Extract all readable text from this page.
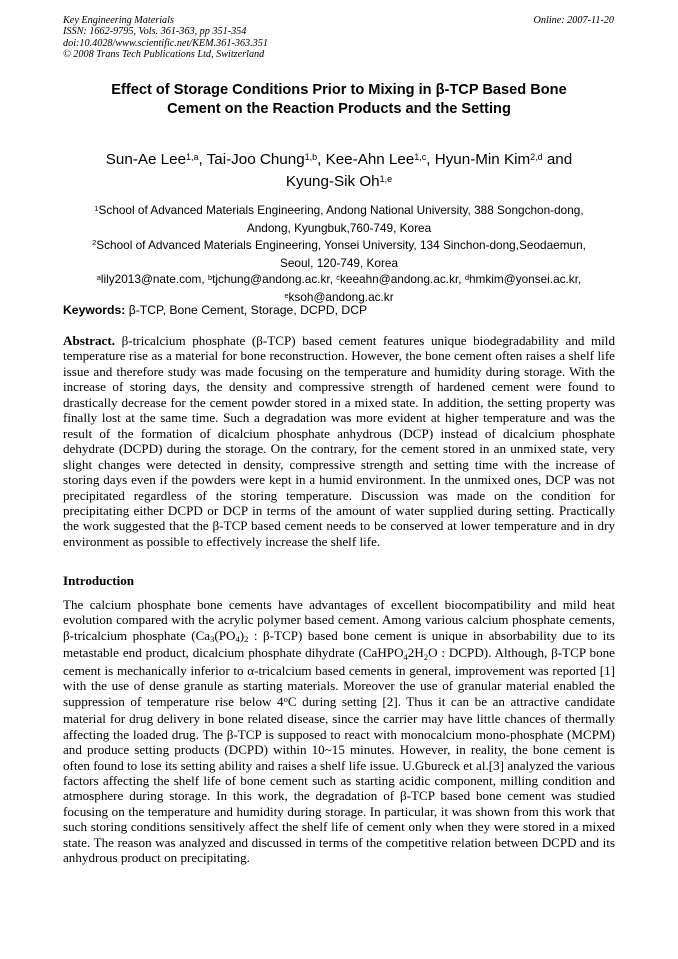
Key Engineering Materials
ISSN: 1662-9795, Vols. 361-363, pp 351-354
doi:10.4028/www.scientific.net/KEM.361-363.351
© 2008 Trans Tech Publications Ltd, Switzerland
Online: 2007-11-20
Effect of Storage Conditions Prior to Mixing in β-TCP Based Bone
Cement on the Reaction Products and the Setting
Sun-Ae Lee$^{1,a}$, Tai-Joo Chung$^{1,b}$, Kee-Ahn Lee$^{1,c}$, Hyun-Min Kim$^{2,d}$ and
Kyung-Sik Oh$^{1,e}$
$^1$School of Advanced Materials Engineering, Andong National University, 388 Songchon-dong,
Andong, Kyungbuk,760-749, Korea
$^2$School of Advanced Materials Engineering, Yonsei University, 134 Sinchon-dong,Seodaemun,
Seoul, 120-749, Korea
$^a$lily2013@nate.com, $^b$tjchung@andong.ac.kr, $^c$keeahn@andong.ac.kr, $^d$hmkim@yonsei.ac.kr,
$^e$ksoh@andong.ac.kr
Keywords: β-TCP, Bone Cement, Storage, DCPD, DCP
Abstract. β-tricalcium phosphate (β-TCP) based cement features unique biodegradability and mild temperature rise as a material for bone reconstruction. However, the bone cement often raises a shelf life issue and therefore study was made focusing on the temperature and humidity during storage. With the increase of storing days, the density and compressive strength of hardened cement were found to drastically decrease for the cement powder stored in a mixed state. In addition, the setting property was finally lost at the same time. Such a degradation was more evident at higher temperature and was the result of the formation of dicalcium phosphate anhydrous (DCP) instead of dicalcium phosphate dehydrate (DCPD) during the storage. On the contrary, for the cement stored in an unmixed state, very slight changes were detected in density, compressive strength and setting time with the increase of storing days even if the powders were kept in a humid environment. In the unmixed ones, DCP was not precipitated regardless of the storing temperature. Discussion was made on the condition for precipitating either DCPD or DCP in terms of the amount of water supplied during setting. Practically the work suggested that the β-TCP based cement needs to be conserved at lower temperature and in dry environment as possible to effectively increase the shelf life.
Introduction
The calcium phosphate bone cements have advantages of excellent biocompatibility and mild heat evolution compared with the acrylic polymer based cement. Among various calcium phosphate cements, β-tricalcium phosphate ($Ca_3(PO_4)_2$ : β-TCP) based bone cement is unique in absorbability due to its metastable end product, dicalcium phosphate dihydrate ($CaHPO_42H_2O$ : DCPD). Although, β-TCP bone cement is mechanically inferior to α-tricalcium based cements in general, improvement was reported [1] with the use of dense granule as starting materials. Moreover the use of granular material enabled the suppression of temperature rise below 4$^o$C during setting [2]. Thus it can be an attractive candidate material for drug delivery in bone related disease, since the carrier may have little chances of thermally affecting the loaded drug. The β-TCP is supposed to react with monocalcium mono-phosphate (MCPM) and produce setting products (DCPD) within 10~15 minutes. However, in reality, the bone cement is often found to lose its setting ability and raises a shelf life issue. U.Gbureck et al.[3] analyzed the various factors affecting the shelf life of bone cement such as starting acidic component, milling condition and atmosphere during storage. In this work, the degradation of β-TCP based bone cement was studied focusing on the temperature and humidity during storage. In particular, it was shown from this work that such storing conditions sensitively affect the shelf life of cement only when they were stored in a mixed state. The reason was analyzed and discussed in terms of the competitive relation between DCPD and its anhydrous product on precipitating.
